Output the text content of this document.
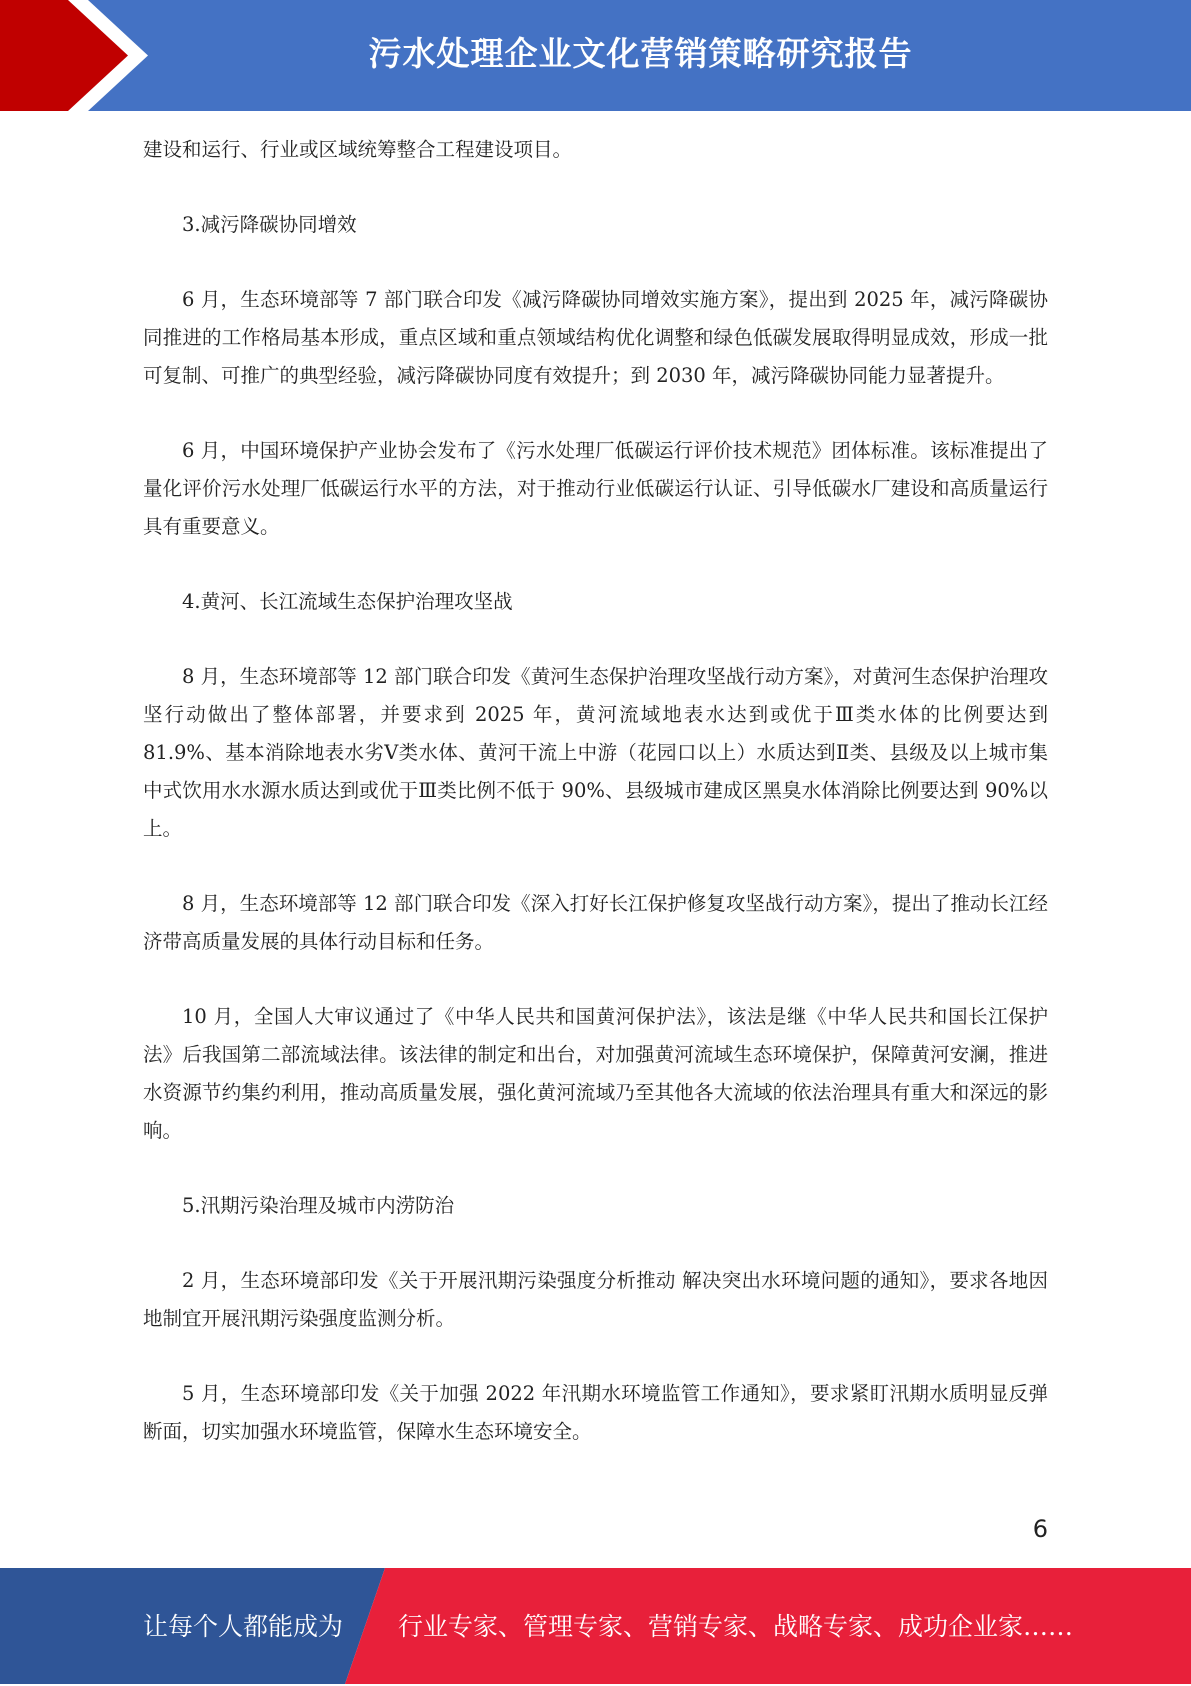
污水处理企业文化营销策略研究报告

建设和运行、行业或区域统筹整合工程建设项目。

3.减污降碳协同增效

6 月，生态环境部等 7 部门联合印发《减污降碳协同增效实施方案》，提出到 2025 年，减污降碳协同推进的工作格局基本形成，重点区域和重点领域结构优化调整和绿色低碳发展取得明显成效，形成一批可复制、可推广的典型经验，减污降碳协同度有效提升；到 2030 年，减污降碳协同能力显著提升。

6 月，中国环境保护产业协会发布了《污水处理厂低碳运行评价技术规范》团体标准。该标准提出了量化评价污水处理厂低碳运行水平的方法，对于推动行业低碳运行认证、引导低碳水厂建设和高质量运行具有重要意义。

4.黄河、长江流域生态保护治理攻坚战

8 月，生态环境部等 12 部门联合印发《黄河生态保护治理攻坚战行动方案》，对黄河生态保护治理攻坚行动做出了整体部署，并要求到 2025 年，黄河流域地表水达到或优于Ⅲ类水体的比例要达到 81.9%、基本消除地表水劣Ⅴ类水体、黄河干流上中游（花园口以上）水质达到Ⅱ类、县级及以上城市集中式饮用水水源水质达到或优于Ⅲ类比例不低于 90%、县级城市建成区黑臭水体消除比例要达到 90%以上。

8 月，生态环境部等 12 部门联合印发《深入打好长江保护修复攻坚战行动方案》，提出了推动长江经济带高质量发展的具体行动目标和任务。

10 月，全国人大审议通过了《中华人民共和国黄河保护法》，该法是继《中华人民共和国长江保护法》后我国第二部流域法律。该法律的制定和出台，对加强黄河流域生态环境保护，保障黄河安澜，推进水资源节约集约利用，推动高质量发展，强化黄河流域乃至其他各大流域的依法治理具有重大和深远的影响。

5.汛期污染治理及城市内涝防治

2 月，生态环境部印发《关于开展汛期污染强度分析推动 解决突出水环境问题的通知》，要求各地因地制宜开展汛期污染强度监测分析。

5 月，生态环境部印发《关于加强 2022 年汛期水环境监管工作通知》，要求紧盯汛期水质明显反弹断面，切实加强水环境监管，保障水生态环境安全。

6
让每个人都能成为 行业专家、管理专家、营销专家、战略专家、成功企业家……
